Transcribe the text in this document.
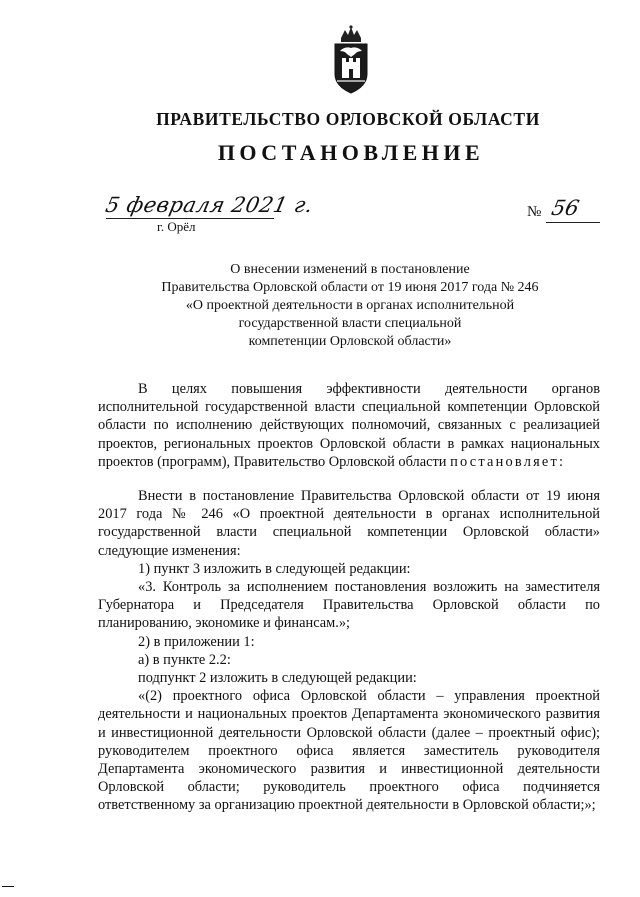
ПРАВИТЕЛЬСТВО ОРЛОВСКОЙ ОБЛАСТИ
ПОСТАНОВЛЕНИЕ
5 февраля 2021 г.
г. Орёл
№ 56
О внесении изменений в постановление
Правительства Орловской области от 19 июня 2017 года № 246
«О проектной деятельности в органах исполнительной
государственной власти специальной
компетенции Орловской области»

В целях повышения эффективности деятельности органов исполнительной государственной власти специальной компетенции Орловской области по исполнению действующих полномочий, связанных с реализацией проектов, региональных проектов Орловской области в рамках национальных проектов (программ), Правительство Орловской области постановляет:

Внести в постановление Правительства Орловской области от 19 июня 2017 года № 246 «О проектной деятельности в органах исполнительной государственной власти специальной компетенции Орловской области» следующие изменения:

1) пункт 3 изложить в следующей редакции:

«3. Контроль за исполнением постановления возложить на заместителя Губернатора и Председателя Правительства Орловской области по планированию, экономике и финансам.»;

2) в приложении 1:

а) в пункте 2.2:

подпункт 2 изложить в следующей редакции:

«(2) проектного офиса Орловской области – управления проектной деятельности и национальных проектов Департамента экономического развития и инвестиционной деятельности Орловской области (далее – проектный офис); руководителем проектного офиса является заместитель руководителя Департамента экономического развития и инвестиционной деятельности Орловской области; руководитель проектного офиса подчиняется ответственному за организацию проектной деятельности в Орловской области;»;
